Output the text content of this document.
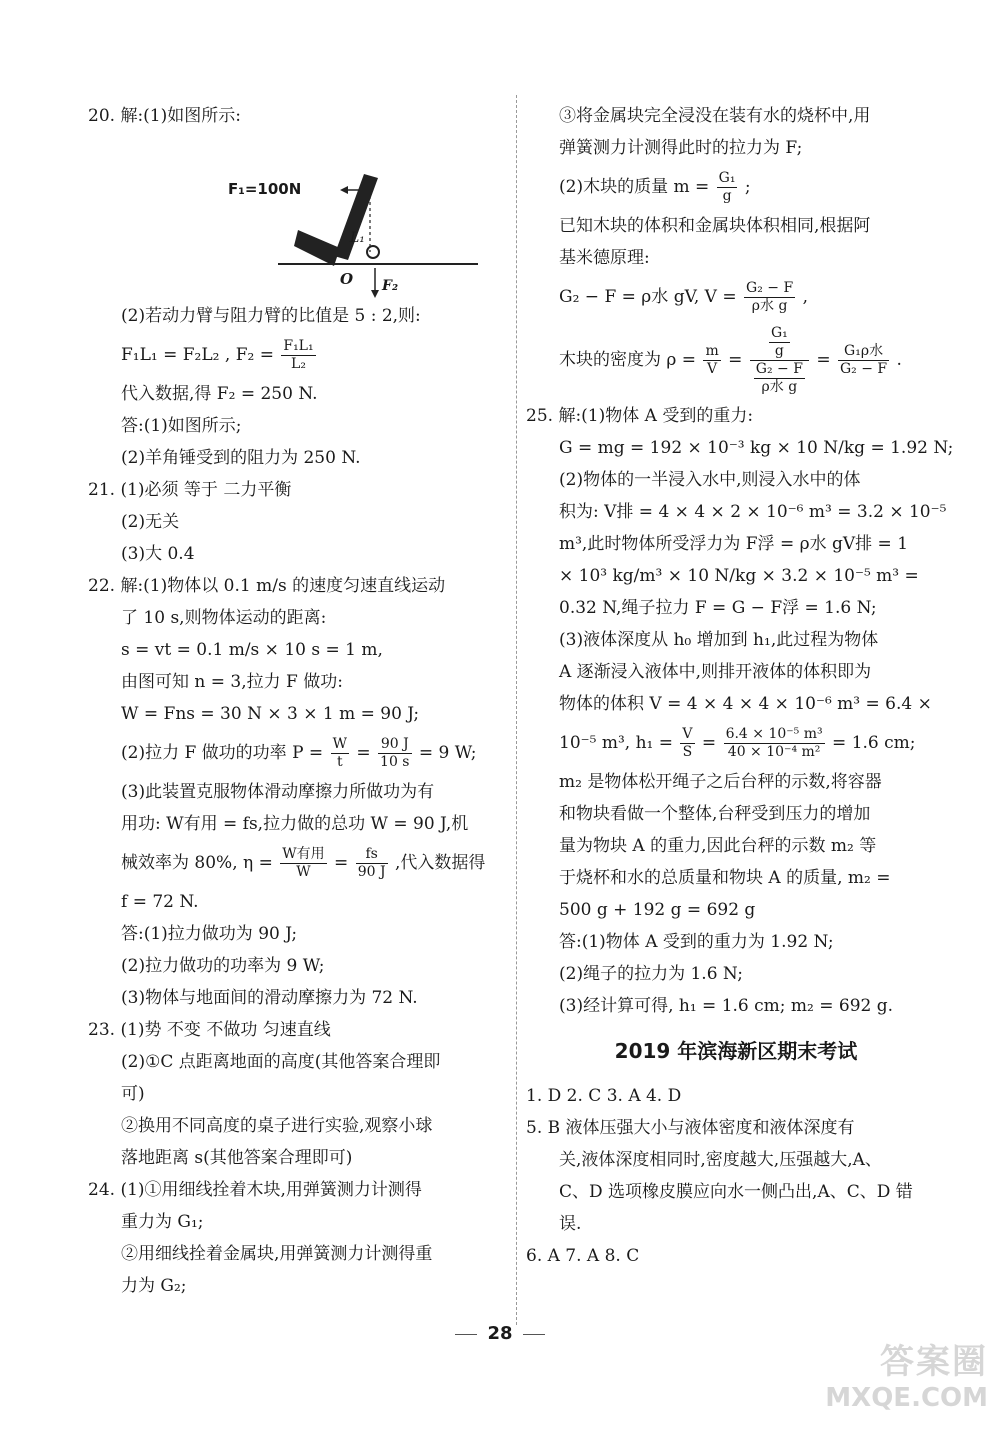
20. 解:(1)如图所示:
F₁=100N
L₁
O F₂
(2)若动力臂与阻力臂的比值是 5 : 2,则:
F₁L₁ = F₂L₂ , $F_2 = \frac{\text{F₁L₁}}{\text{L₂}}$
代入数据,得 F₂ = 250 N.
答:(1)如图所示;
(2)羊角锤受到的阻力为 250 N.
21. (1)必须 等于 二力平衡
(2)无关
(3)大 0.4
22. 解:(1)物体以 0.1 m/s 的速度匀速直线运动
了 10 s,则物体运动的距离:
s = vt = 0.1 m/s × 10 s = 1 m,
由图可知 n = 3,拉力 F 做功:
W = Fns = 30 N × 3 × 1 m = 90 J;
(2)拉力 F 做功的功率 $P = \frac{W}{t} = \frac{90 J}{10 s} = 9$ W;
(3)此装置克服物体滑动摩擦力所做功为有
用功: W有用 = fs,拉力做的总功 W = 90 J,机
械效率为 80%, $\eta = \frac{\text{W有用}}{W} = \frac{fs}{90 J}$ ,代入数据得
f = 72 N.
答:(1)拉力做功为 90 J;
(2)拉力做功的功率为 9 W;
(3)物体与地面间的滑动摩擦力为 72 N.
23. (1)势 不变 不做功 匀速直线
(2)①C 点距离地面的高度(其他答案合理即
可)
②换用不同高度的桌子进行实验,观察小球
落地距离 s(其他答案合理即可)
24. (1)①用细线拴着木块,用弹簧测力计测得
重力为 G₁;
②用细线拴着金属块,用弹簧测力计测得重
力为 G₂;
③将金属块完全浸没在装有水的烧杯中,用
弹簧测力计测得此时的拉力为 F;
(2)木块的质量 $m = \frac{\text{G₁}}{g}$ ;
已知木块的体积和金属块体积相同,根据阿
基米德原理:
G₂ − F = ρ水 gV, $V = \frac{\text{G₂ − F}}{\text{ρ水 g}}$ ,
木块的密度为 $\rho = \frac{m}{V} = \frac{\frac{\text{G₁}}{g}}{\frac{\text{G₂ − F}}{\text{ρ水 g}}} = \frac{\text{G₁ρ水}}{\text{G₂ − F}}$ .
25. 解:(1)物体 A 受到的重力:
G = mg = 192 × 10⁻³ kg × 10 N/kg = 1.92 N;
(2)物体的一半浸入水中,则浸入水中的体
积为: V排 = 4 × 4 × 2 × 10⁻⁶ m³ = 3.2 × 10⁻⁵
m³,此时物体所受浮力为 F浮 = ρ水 gV排 = 1
× 10³ kg/m³ × 10 N/kg × 3.2 × 10⁻⁵ m³ =
0.32 N,绳子拉力 F = G − F浮 = 1.6 N;
(3)液体深度从 h₀ 增加到 h₁,此过程为物体
A 逐渐浸入液体中,则排开液体的体积即为
物体的体积 V = 4 × 4 × 4 × 10⁻⁶ m³ = 6.4 ×
10⁻⁵ m³, $h_1 = \frac{V}{S} = \frac{\text{6.4 × 10⁻⁵ m³}}{\text{40 × 10⁻⁴ m²}} = 1.6$ cm;
m₂ 是物体松开绳子之后台秤的示数,将容器
和物块看做一个整体,台秤受到压力的增加
量为物块 A 的重力,因此台秤的示数 m₂ 等
于烧杯和水的总质量和物块 A 的质量, m₂ =
500 g + 192 g = 692 g
答:(1)物体 A 受到的重力为 1.92 N;
(2)绳子的拉力为 1.6 N;
(3)经计算可得, h₁ = 1.6 cm; m₂ = 692 g.
2019 年滨海新区期末考试
1. D 2. C 3. A 4. D
5. B 液体压强大小与液体密度和液体深度有
关,液体深度相同时,密度越大,压强越大,A、
C、D 选项橡皮膜应向水一侧凸出,A、C、D 错
误.
6. A 7. A 8. C
28
答案圈
MXQE.COM
